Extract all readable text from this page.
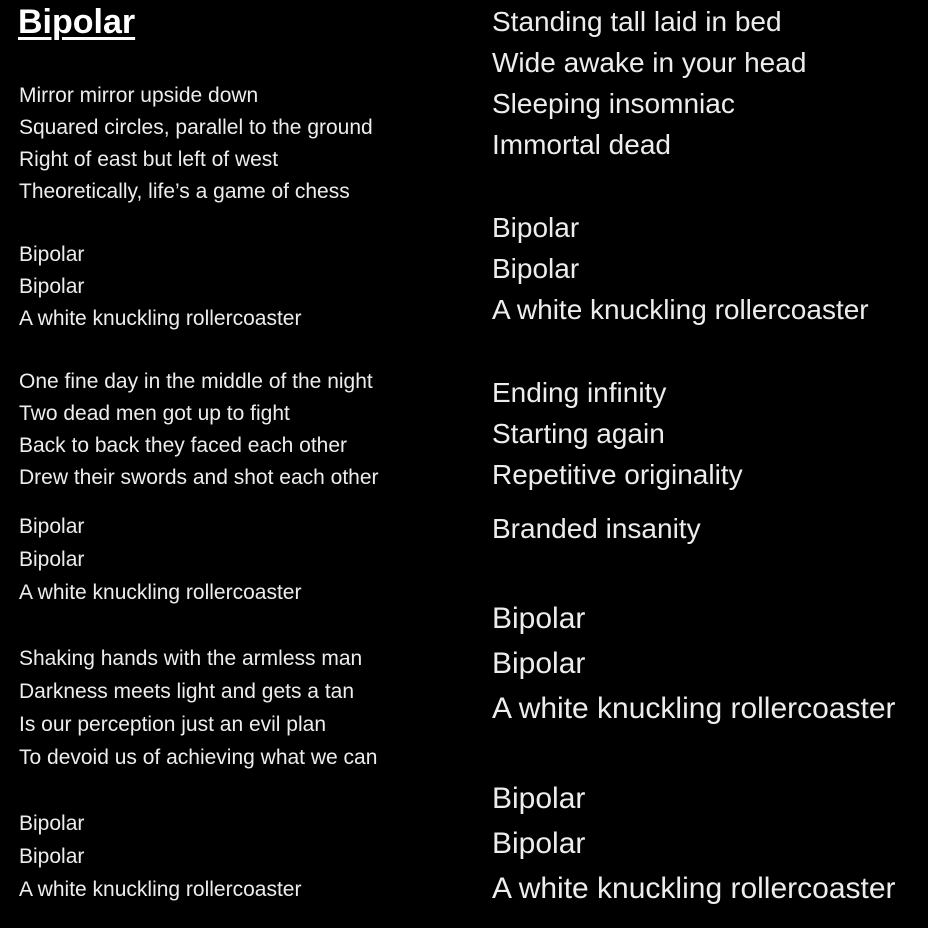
Bipolar
Mirror mirror upside down
Squared circles, parallel to the ground
Right of east but left of west
Theoretically, life’s a game of chess
Bipolar
Bipolar
A white knuckling rollercoaster
One fine day in the middle of the night
Two dead men got up to fight
Back to back they faced each other
Drew their swords and shot each other
Bipolar
Bipolar
A white knuckling rollercoaster
Shaking hands with the armless man
Darkness meets light and gets a tan
Is our perception just an evil plan
To devoid us of achieving what we can
Bipolar
Bipolar
A white knuckling rollercoaster
Standing tall laid in bed
Wide awake in your head
Sleeping insomniac
Immortal dead
Bipolar
Bipolar
A white knuckling rollercoaster
Ending infinity
Starting again
Repetitive originality
Branded insanity
Bipolar
Bipolar
A white knuckling rollercoaster
Bipolar
Bipolar
A white knuckling rollercoaster
